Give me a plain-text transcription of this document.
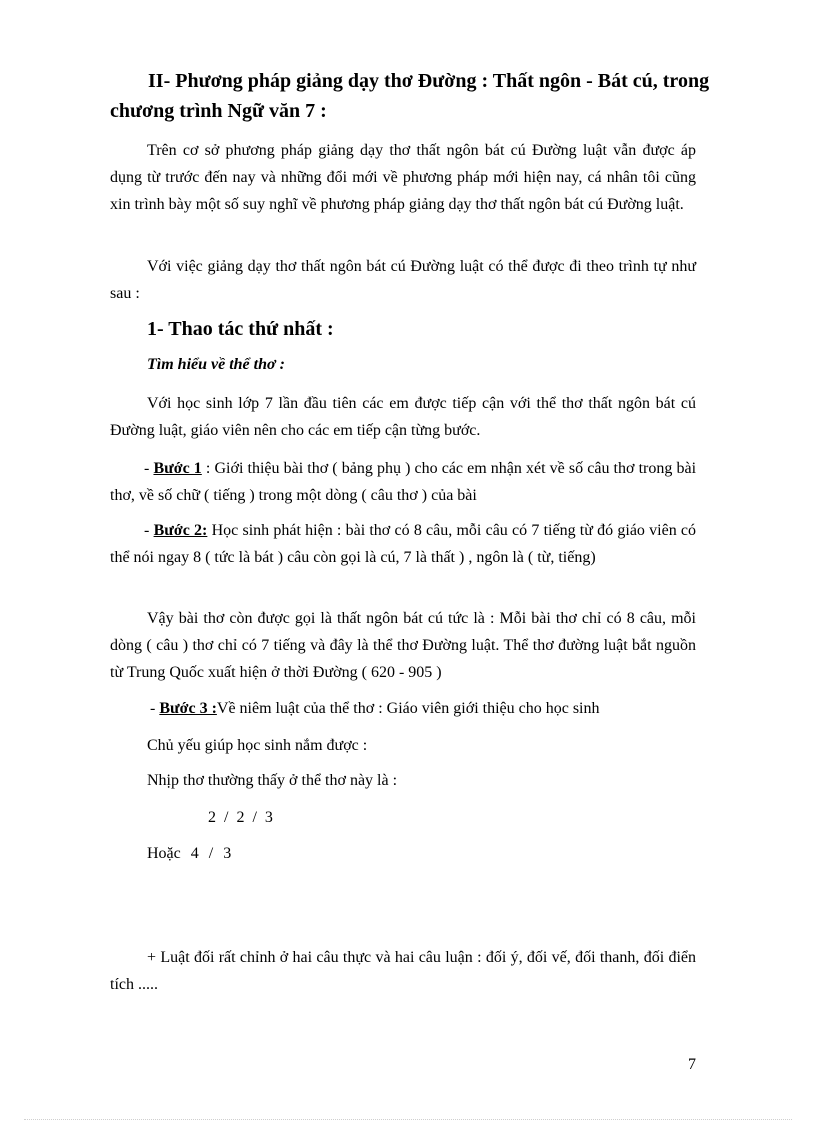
II- Phương pháp giảng dạy thơ Đường : Thất ngôn - Bát cú, trong chương trình Ngữ văn 7 :

Trên cơ sở phương pháp giảng dạy thơ thất ngôn bát cú Đường luật vẫn được áp dụng từ trước đến nay và những đổi mới về phương pháp mới hiện nay, cá nhân tôi cũng xin trình bày một số suy nghĩ về phương pháp giảng dạy thơ thất ngôn bát cú Đường luật.

Với việc giảng dạy thơ thất ngôn bát cú Đường luật có thể được đi theo trình tự như sau :

1- Thao tác thứ nhất :
Tìm hiểu về thể thơ :

Với học sinh lớp 7 lần đầu tiên các em được tiếp cận với thể thơ thất ngôn bát cú Đường luật, giáo viên nên cho các em tiếp cận từng bước.

- Bước 1 : Giới thiệu bài thơ ( bảng phụ ) cho các em nhận xét về số câu thơ trong bài thơ, về số chữ ( tiếng ) trong một dòng ( câu thơ ) của bài

- Bước 2: Học sinh phát hiện : bài thơ có 8 câu, mỗi câu có 7 tiếng từ đó giáo viên có thể nói ngay 8 ( tức là bát ) câu còn gọi là cú, 7 là thất ) , ngôn là ( từ, tiếng)

Vậy bài thơ còn được gọi là thất ngôn bát cú tức là : Mỗi bài thơ chỉ có 8 câu, mỗi dòng ( câu ) thơ chỉ có 7 tiếng và đây là thể thơ Đường luật. Thể thơ đường luật bắt nguồn từ Trung Quốc xuất hiện ở thời Đường ( 620 - 905 )

- Bước 3 :Về niêm luật của thể thơ : Giáo viên giới thiệu cho học sinh

Chủ yếu giúp học sinh nắm được :

Nhịp thơ thường thấy ở thể thơ này là :

2 / 2 / 3

Hoặc 4 / 3

+ Luật đối rất chỉnh ở hai câu thực và hai câu luận : đối ý, đối vế, đối thanh, đối điển tích .....

7
